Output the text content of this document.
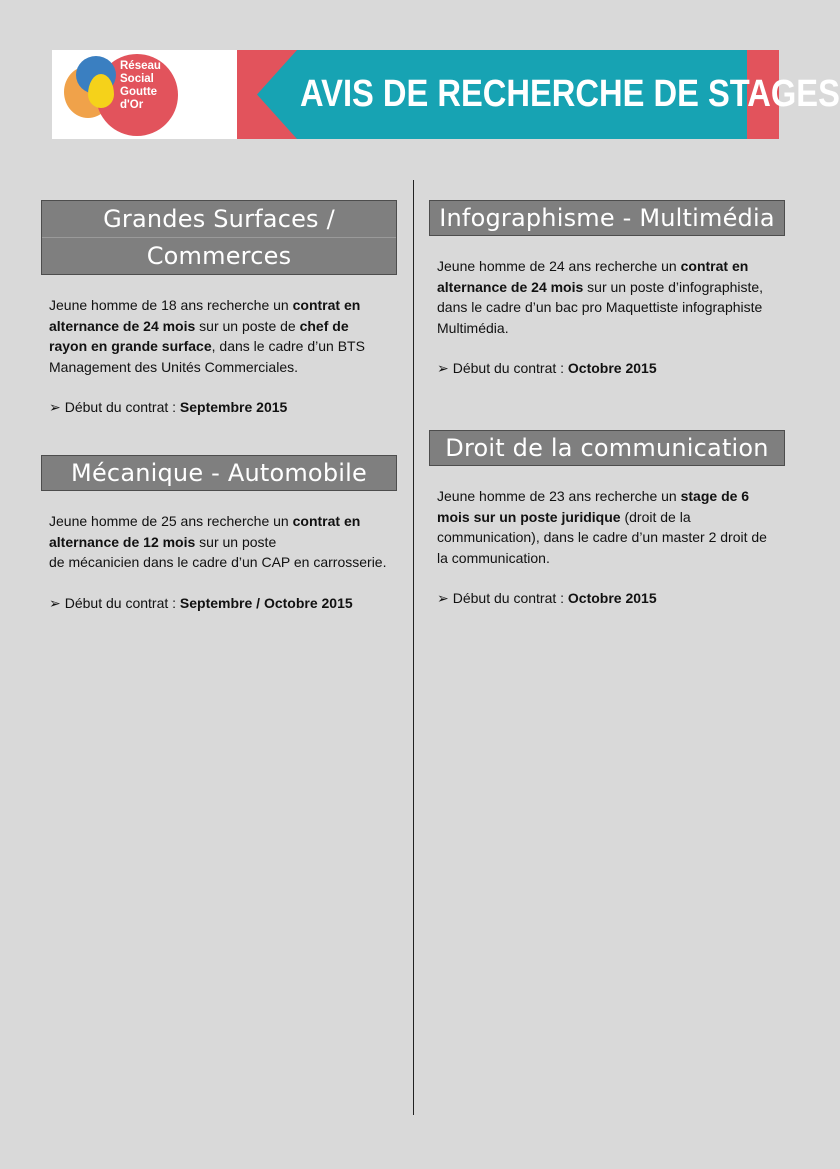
Réseau
Social
Goutte
d'Or	AVIS DE RECHERCHE DE STAGES
Grandes Surfaces /
Commerces
Jeune homme de 18 ans recherche un contrat en alternance de 24 mois sur un poste de chef de rayon en grande surface, dans le cadre d’un BTS Management des Unités Commerciales.
➢ Début du contrat : Septembre 2015
Mécanique - Automobile
Jeune homme de 25 ans recherche un contrat en alternance de 12 mois sur un poste
de mécanicien dans le cadre d’un CAP en carrosserie.
➢ Début du contrat : Septembre / Octobre 2015
Infographisme - Multimédia
Jeune homme de 24 ans recherche un contrat en alternance de 24 mois sur un poste d’infographiste, dans le cadre d’un bac pro Maquettiste infographiste Multimédia.
➢ Début du contrat : Octobre 2015
Droit de la communication
Jeune homme de 23 ans recherche un stage de 6 mois sur un poste juridique (droit de la communication), dans le cadre d’un master 2 droit de la communication.
➢ Début du contrat : Octobre 2015
